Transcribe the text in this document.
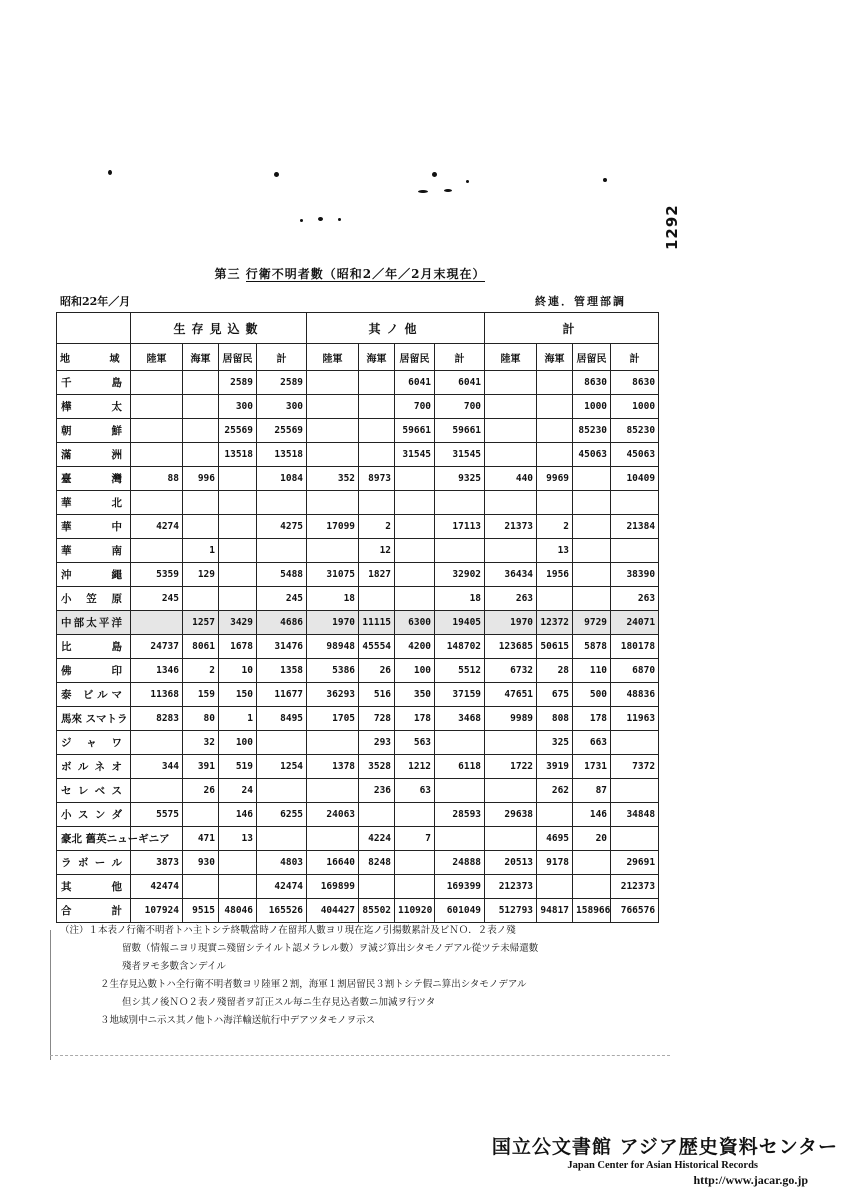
1292
第三 行衛不明者數（昭和2／年／2月末現在）
昭和22年／月	終連．管理部調
	生存見込數				其ノ他				計			
地 域	陸軍	海軍	居留民	計	陸軍	海軍	居留民	計	陸軍	海軍	居留民	計
千島			2589	2589			6041	6041			8630	8630
樺太			300	300			700	700			1000	1000
朝鮮			25569	25569			59661	59661			85230	85230
滿洲			13518	13518			31545	31545			45063	45063
臺灣	88	996		1084	352	8973		9325	440	9969		10409
華北												
華中	4274			4275	17099	2		17113	21373	2		21384
華南		1				12				13		
沖繩	5359	129		5488	31075	1827		32902	36434	1956		38390
小笠原	245			245	18			18	263			263
中部太平洋		1257	3429	4686	1970	11115	6300	19405	1970	12372	9729	24071
比島	24737	8061	1678	31476	98948	45554	4200	148702	123685	50615	5878	180178
佛印	1346	2	10	1358	5386	26	100	5512	6732	28	110	6870
泰 ビルマ	11368	159	150	11677	36293	516	350	37159	47651	675	500	48836
馬來 スマトラ	8283	80	1	8495	1705	728	178	3468	9989	808	178	11963
ジャワ		32	100			293	563			325	663	
ボルネオ	344	391	519	1254	1378	3528	1212	6118	1722	3919	1731	7372
セレベス		26	24			236	63			262	87	
小スンダ	5575		146	6255	24063			28593	29638		146	34848
豪北 舊英ニューギニア		471	13			4224	7			4695	20	
ラボール	3873	930		4803	16640	8248		24888	20513	9178		29691
其他	42474			42474	169899			169399	212373			212373
合計	107924	9515	48046	165526	404427	85502	110920	601049	512793	94817	158966	766576
（注）１本表ノ行衛不明者トハ主トシテ終戰當時ノ在留邦人數ヨリ現在迄ノ引揚數累計及ビＮＯ．２表ノ殘
留數（情報ニヨリ現實ニ殘留シテイルト認メラレル數）ヲ減ジ算出シタモノデアル從ツテ未帰還數
殘者ヲモ多數含ンデイル
２生存見込數トハ全行衛不明者數ヨリ陸軍２割，海軍１割居留民３割トシテ假ニ算出シタモノデアル
但シ其ノ後ＮＯ２表ノ殘留者ヲ訂正スル毎ニ生存見込者數ニ加減ヲ行ツタ
３地域別中ニ示ス其ノ他トハ海洋輸送航行中デアツタモノヲ示ス
国立公文書館 アジア歴史資料センター
Japan Center for Asian Historical Records
http://www.jacar.go.jp
